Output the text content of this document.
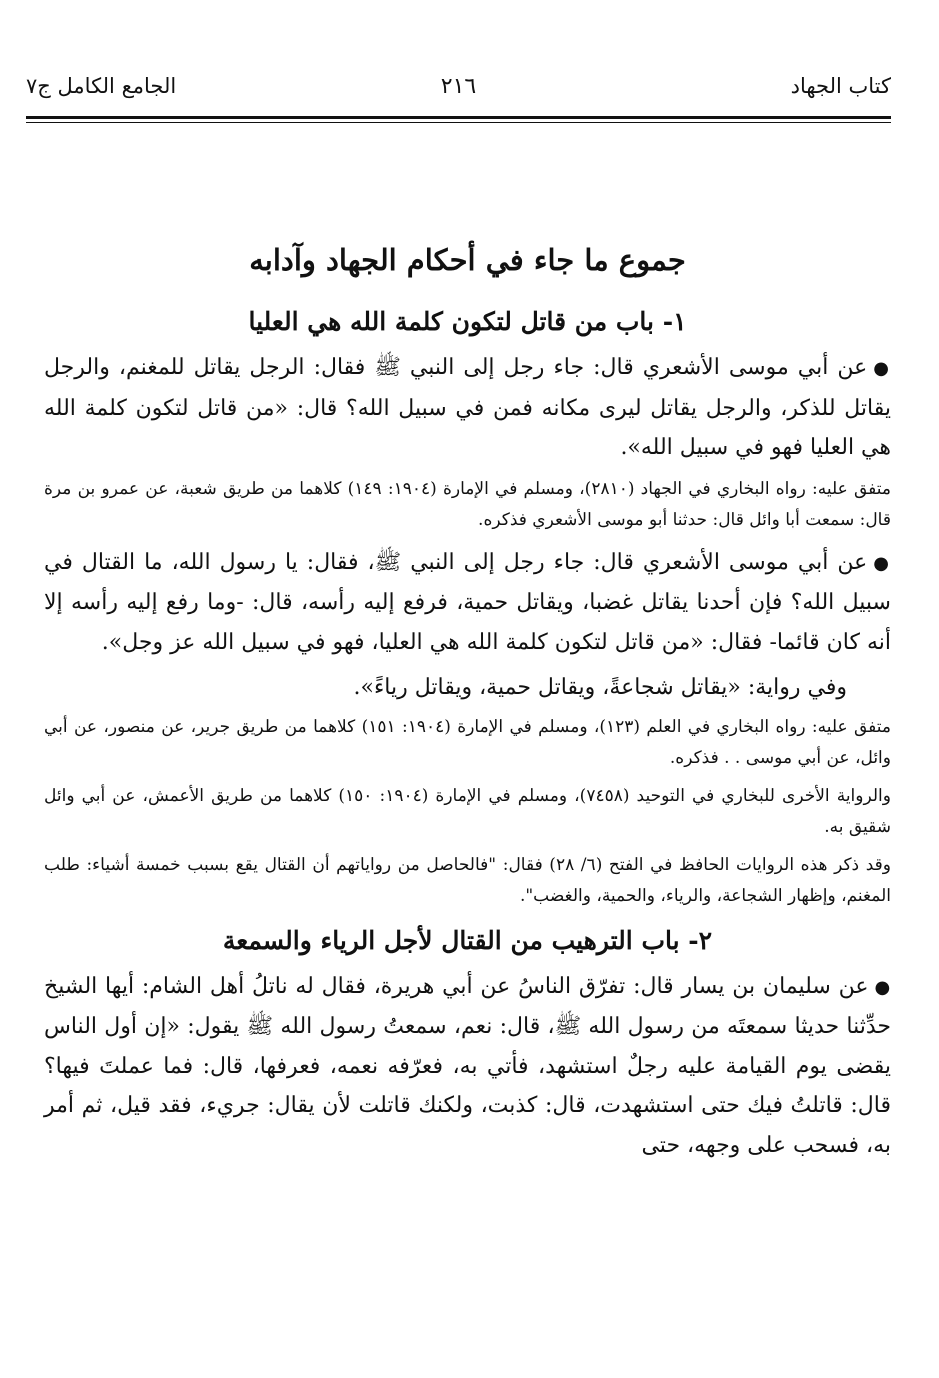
كتاب الجهاد
٢١٦
الجامع الكامل ج٧
جموع ما جاء في أحكام الجهاد وآدابه
١- باب من قاتل لتكون كلمة الله هي العليا

●عن أبي موسى الأشعري قال: جاء رجل إلى النبي ﷺ فقال: الرجل يقاتل للمغنم، والرجل يقاتل للذكر، والرجل يقاتل ليرى مكانه فمن في سبيل الله؟ قال: «من قاتل لتكون كلمة الله هي العليا فهو في سبيل الله».

متفق عليه: رواه البخاري في الجهاد (٢٨١٠)، ومسلم في الإمارة (١٩٠٤: ١٤٩) كلاهما من طريق شعبة، عن عمرو بن مرة قال: سمعت أبا وائل قال: حدثنا أبو موسى الأشعري فذكره.

●عن أبي موسى الأشعري قال: جاء رجل إلى النبي ﷺ، فقال: يا رسول الله، ما القتال في سبيل الله؟ فإن أحدنا يقاتل غضبا، ويقاتل حمية، فرفع إليه رأسه، قال: -وما رفع إليه رأسه إلا أنه كان قائما- فقال: «من قاتل لتكون كلمة الله هي العليا، فهو في سبيل الله عز وجل».

وفي رواية: «يقاتل شجاعةً، ويقاتل حمية، ويقاتل رياءً».

متفق عليه: رواه البخاري في العلم (١٢٣)، ومسلم في الإمارة (١٩٠٤: ١٥١) كلاهما من طريق جرير، عن منصور، عن أبي وائل، عن أبي موسى . . فذكره.

والرواية الأخرى للبخاري في التوحيد (٧٤٥٨)، ومسلم في الإمارة (١٩٠٤: ١٥٠) كلاهما من طريق الأعمش، عن أبي وائل شقيق به.

وقد ذكر هذه الروايات الحافظ في الفتح (٦/ ٢٨) فقال: "فالحاصل من رواياتهم أن القتال يقع بسبب خمسة أشياء: طلب المغنم، وإظهار الشجاعة، والرياء، والحمية، والغضب".

٢- باب الترهيب من القتال لأجل الرياء والسمعة

●عن سليمان بن يسار قال: تفرّق الناسُ عن أبي هريرة، فقال له ناتلُ أهل الشام: أيها الشيخ حدِّثنا حديثا سمعتَه من رسول الله ﷺ، قال: نعم، سمعتُ رسول الله ﷺ يقول: «إن أول الناس يقضى يوم القيامة عليه رجلٌ استشهد، فأتي به، فعرّفه نعمه، فعرفها، قال: فما عملتَ فيها؟ قال: قاتلتُ فيك حتى استشهدت، قال: كذبت، ولكنك قاتلت لأن يقال: جريء، فقد قيل، ثم أمر به، فسحب على وجهه، حتى
